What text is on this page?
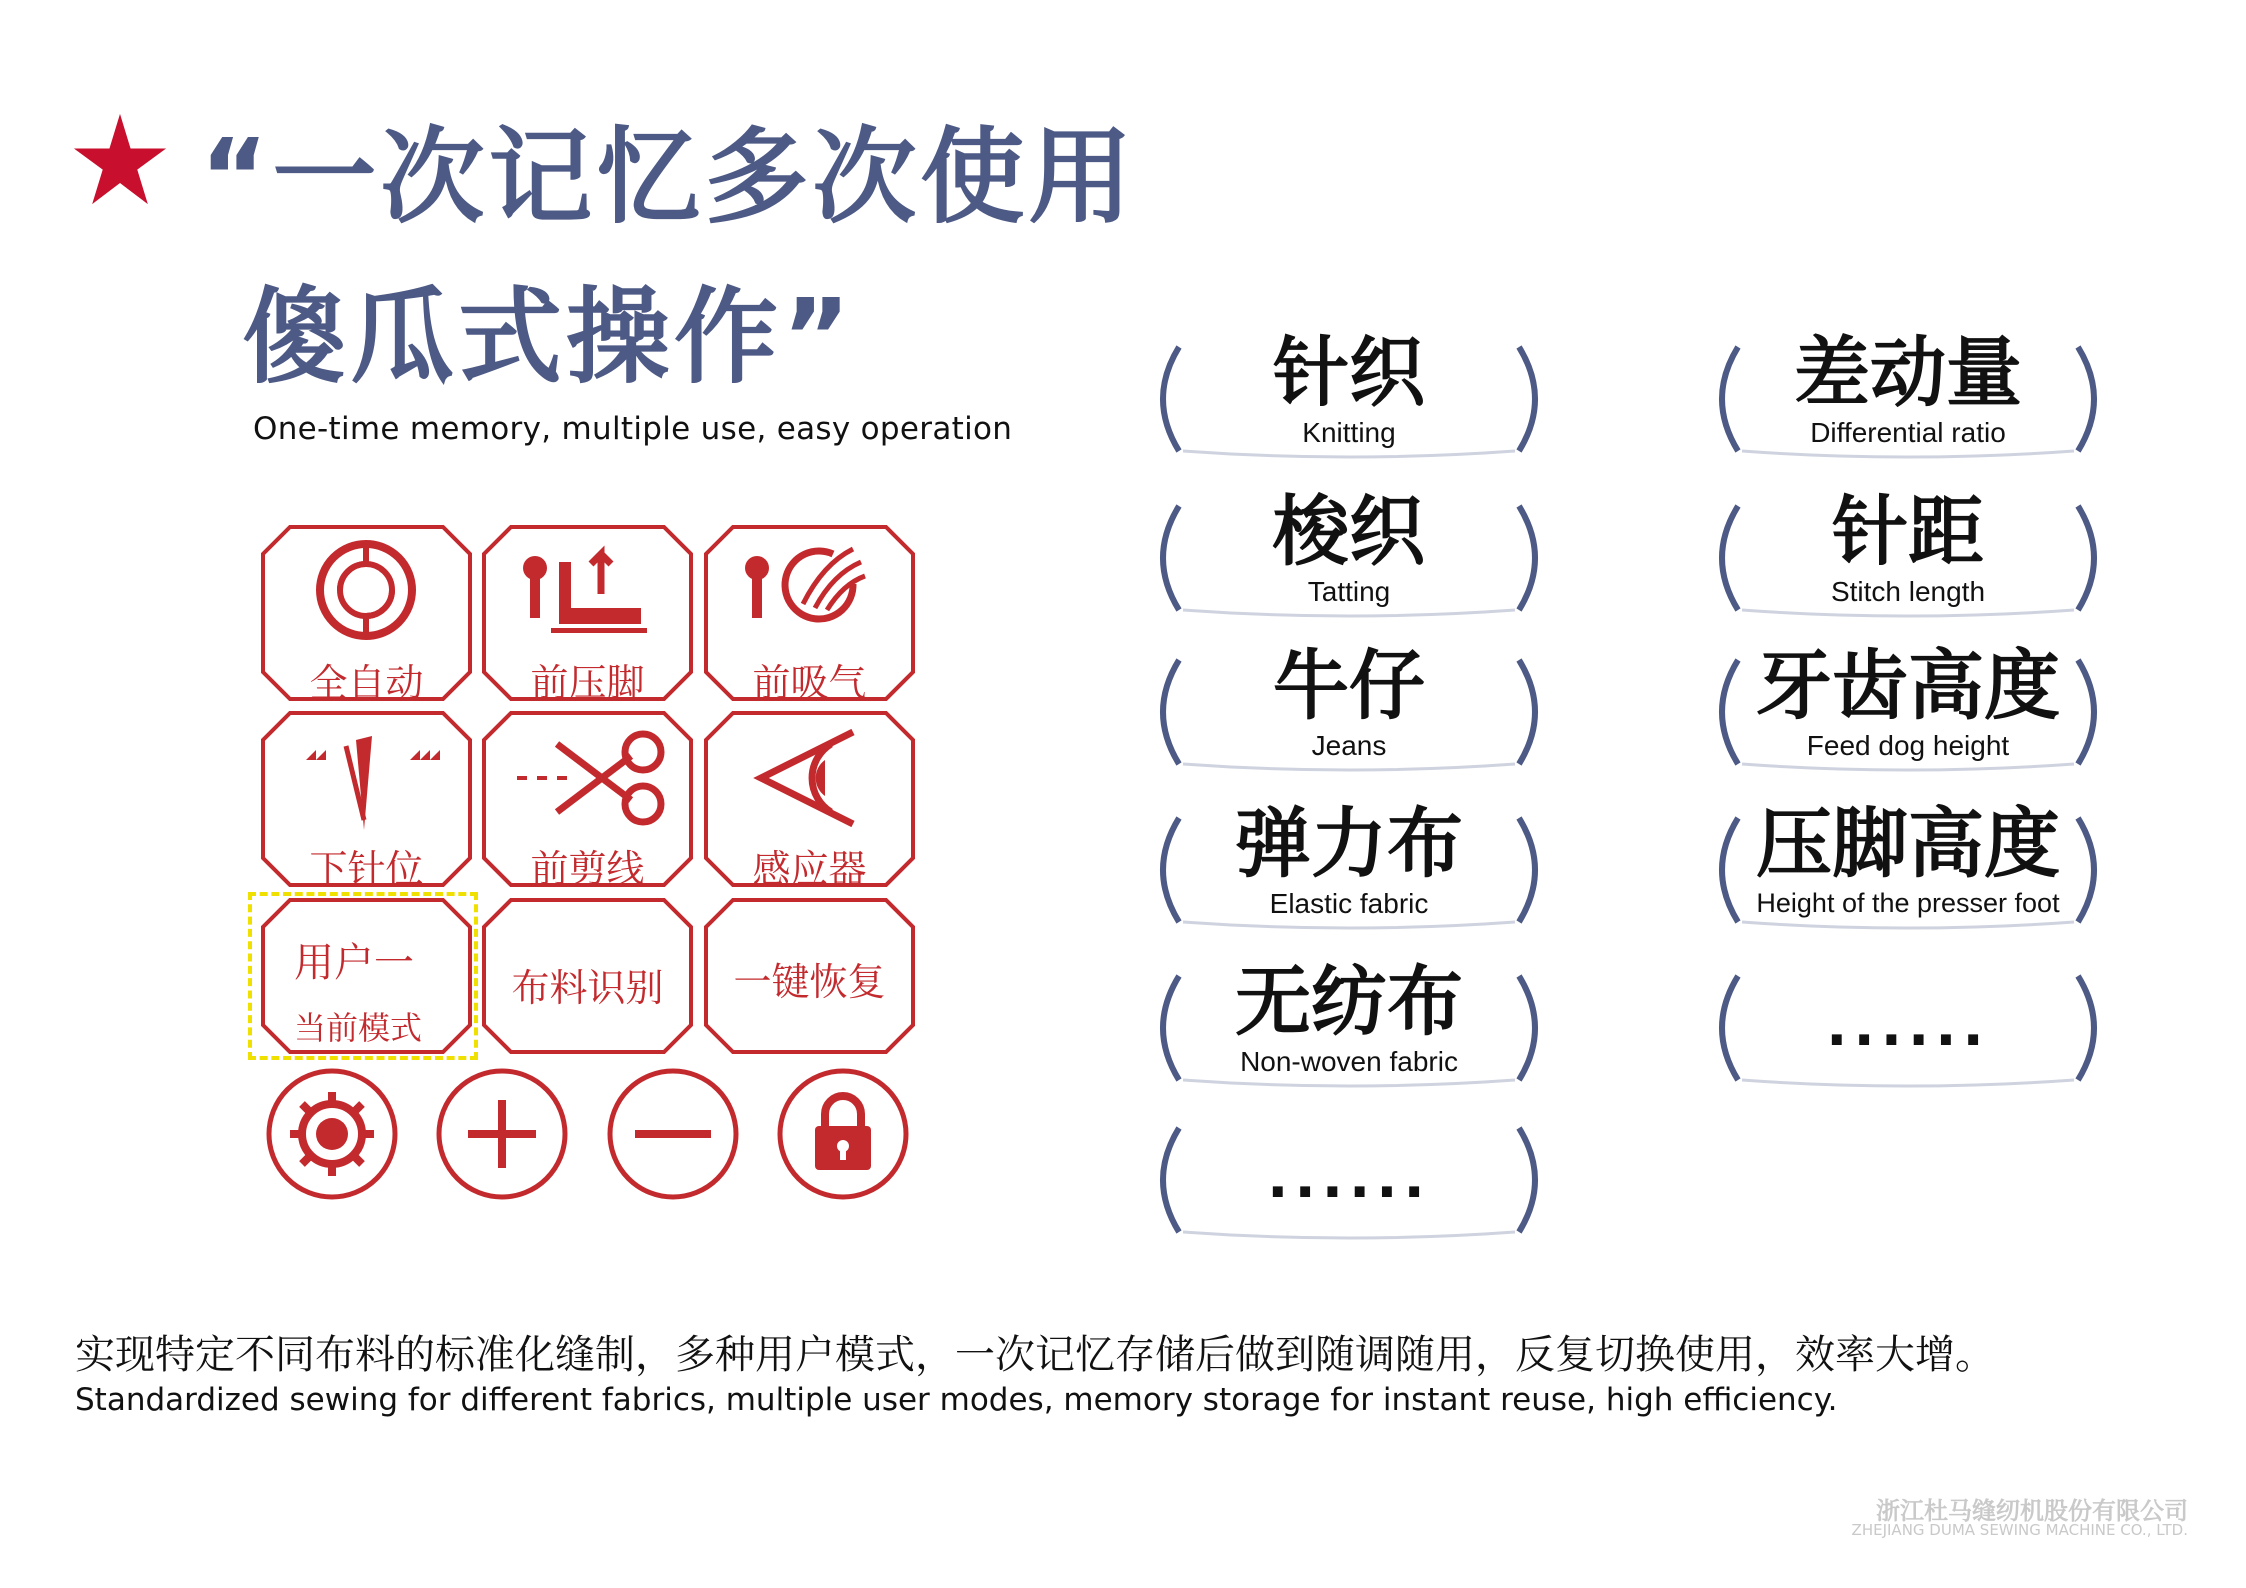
“一次记忆多次使用
傻瓜式操作”
One-time memory, multiple use, easy operation
全自动	前压脚	前吸气
下针位	前剪线	感应器
用户一
当前模式
布料识别	一键恢复
针织
Knitting
梭织
Tatting
牛仔
Jeans
弹力布
Elastic fabric
无纺布
Non-woven fabric
......
差动量
Differential ratio
针距
Stitch length
牙齿高度
Feed dog height
压脚高度
Height of the presser foot
......
实现特定不同布料的标准化缝制，多种用户模式，一次记忆存储后做到随调随用，反复切换使用，效率大增。
Standardized sewing for different fabrics, multiple user modes, memory storage for instant reuse, high efficiency.
浙江杜马缝纫机股份有限公司
ZHEJIANG DUMA SEWING MACHINE CO., LTD.
